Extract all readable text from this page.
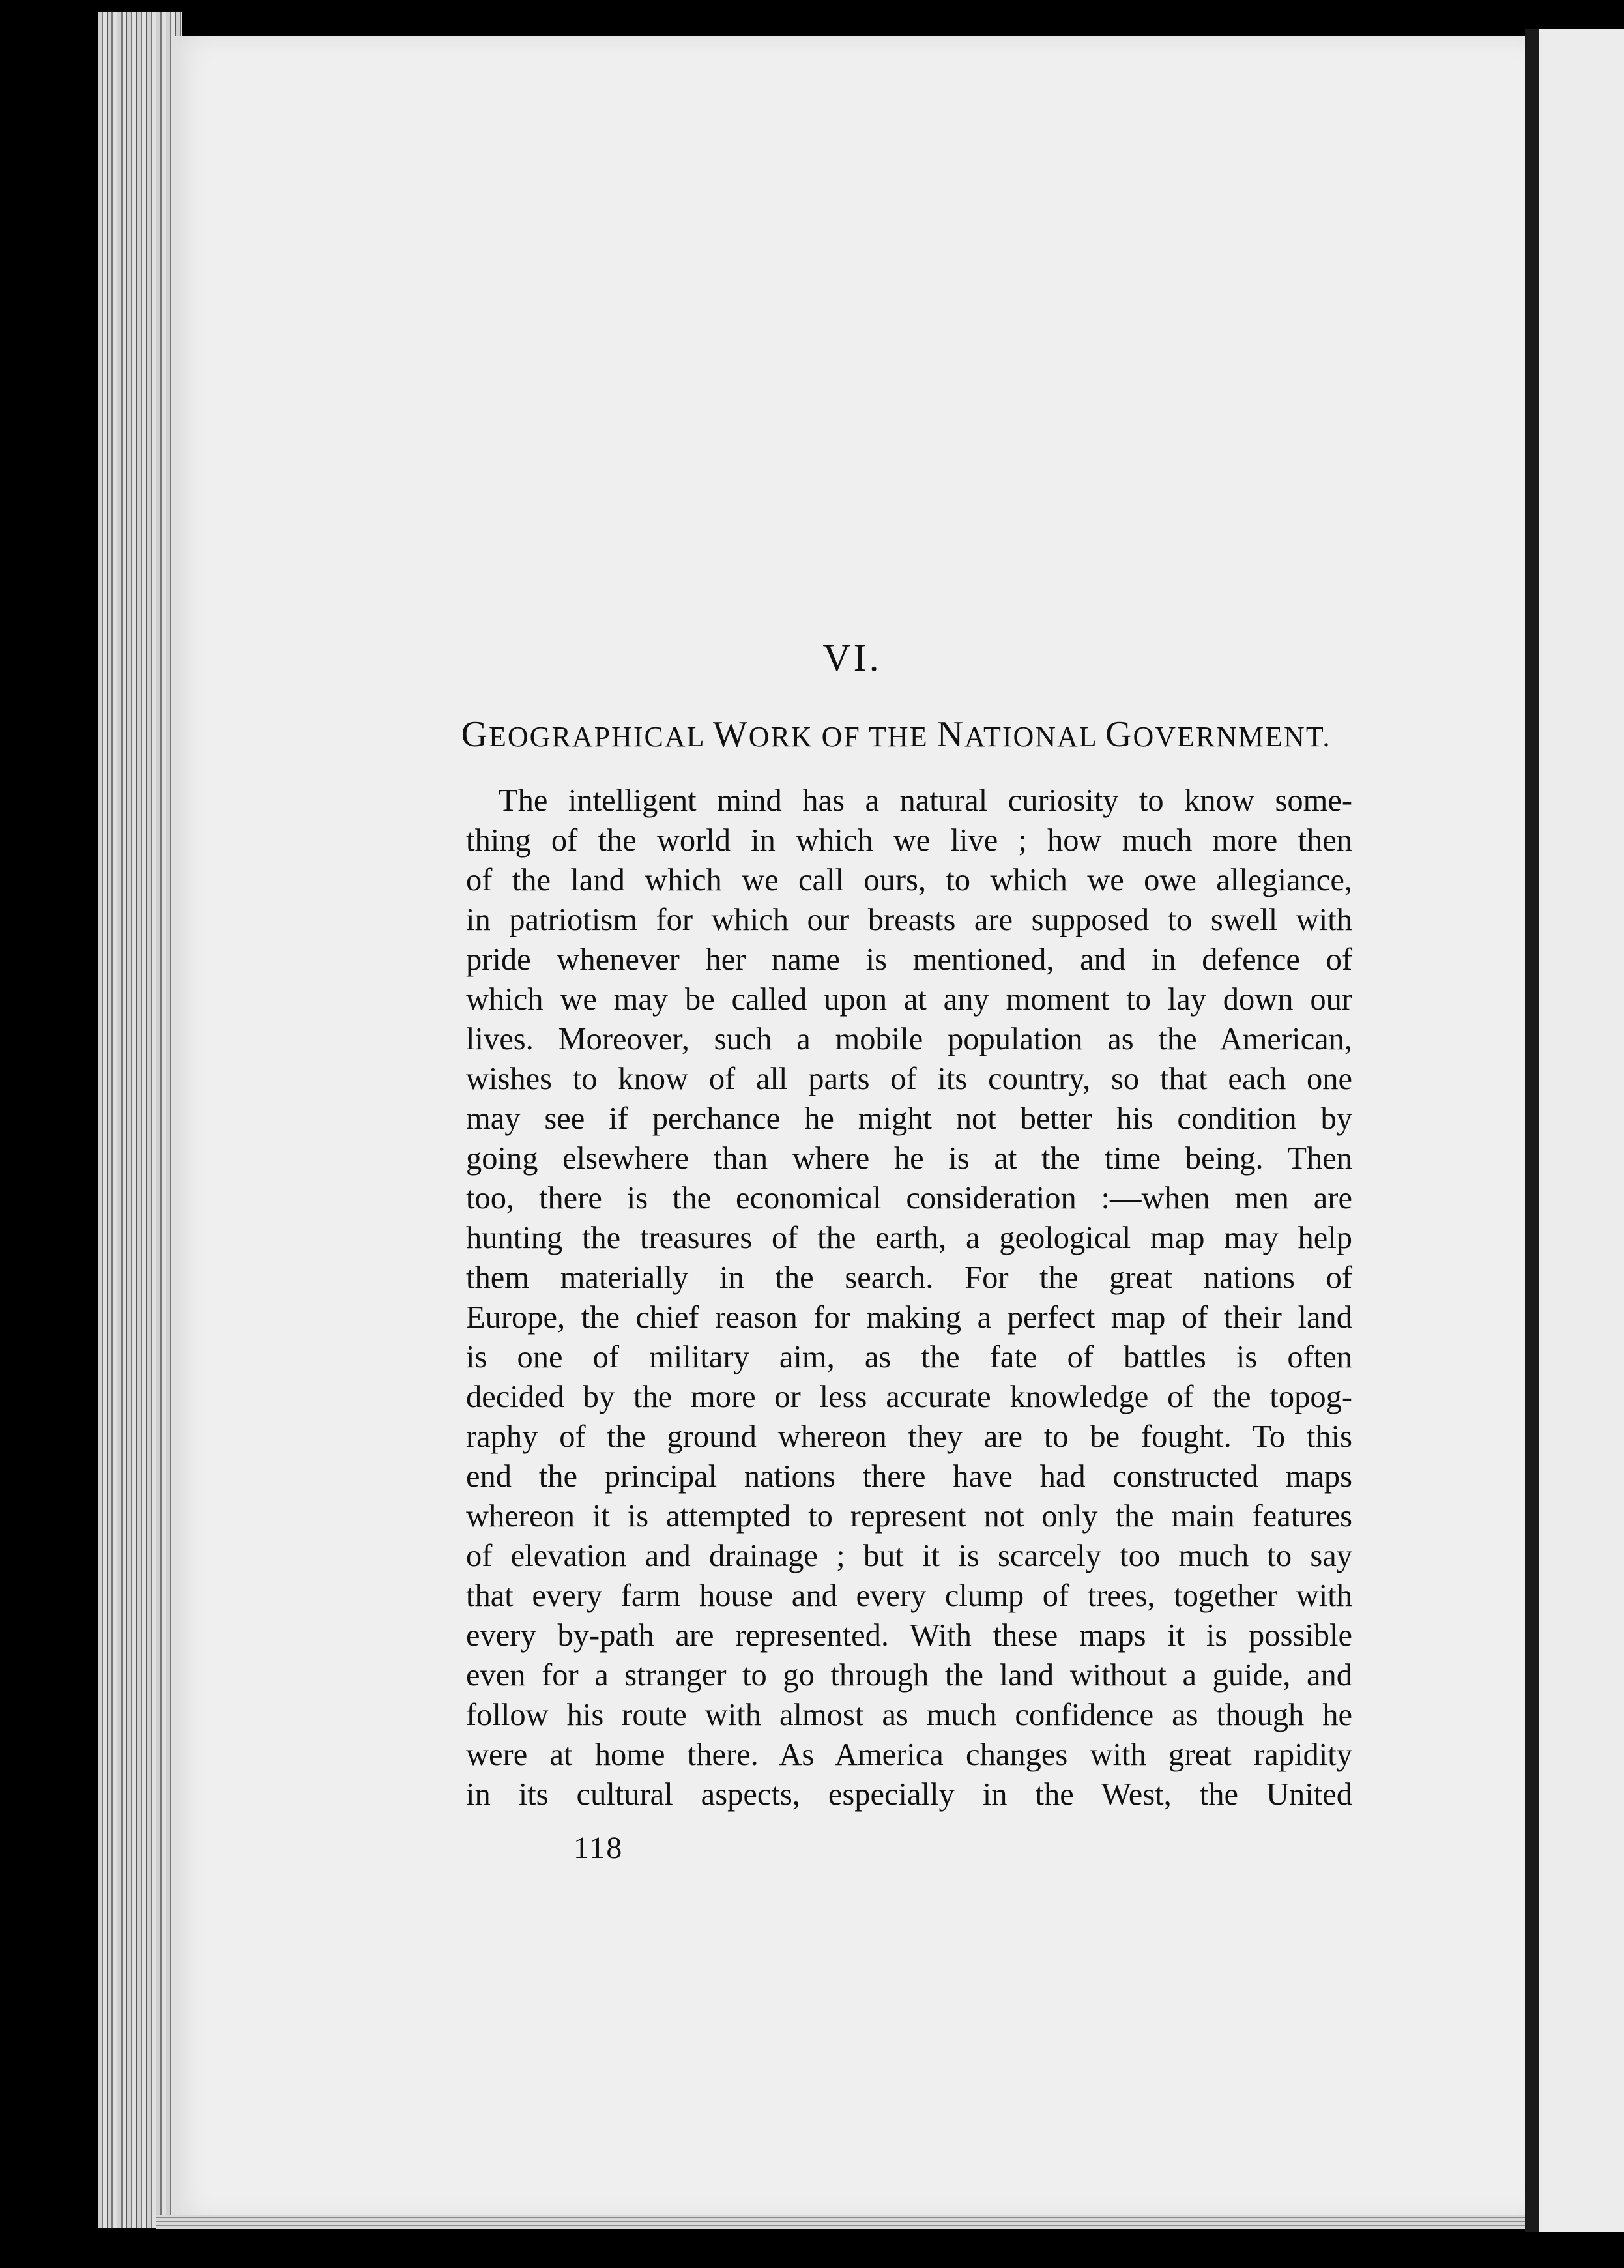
VI.
GEOGRAPHICAL WORK OF THE NATIONAL GOVERNMENT.
The intelligent mind has a natural curiosity to know some-
thing of the world in which we live ; how much more then
of the land which we call ours, to which we owe allegiance,
in patriotism for which our breasts are supposed to swell with
pride whenever her name is mentioned, and in defence of
which we may be called upon at any moment to lay down our
lives. Moreover, such a mobile population as the American,
wishes to know of all parts of its country, so that each one
may see if perchance he might not better his condition by
going elsewhere than where he is at the time being. Then
too, there is the economical consideration :—when men are
hunting the treasures of the earth, a geological map may help
them materially in the search. For the great nations of
Europe, the chief reason for making a perfect map of their land
is one of military aim, as the fate of battles is often
decided by the more or less accurate knowledge of the topog-
raphy of the ground whereon they are to be fought. To this
end the principal nations there have had constructed maps
whereon it is attempted to represent not only the main features
of elevation and drainage ; but it is scarcely too much to say
that every farm house and every clump of trees, together with
every by-path are represented. With these maps it is possible
even for a stranger to go through the land without a guide, and
follow his route with almost as much confidence as though he
were at home there. As America changes with great rapidity
in its cultural aspects, especially in the West, the United
118
